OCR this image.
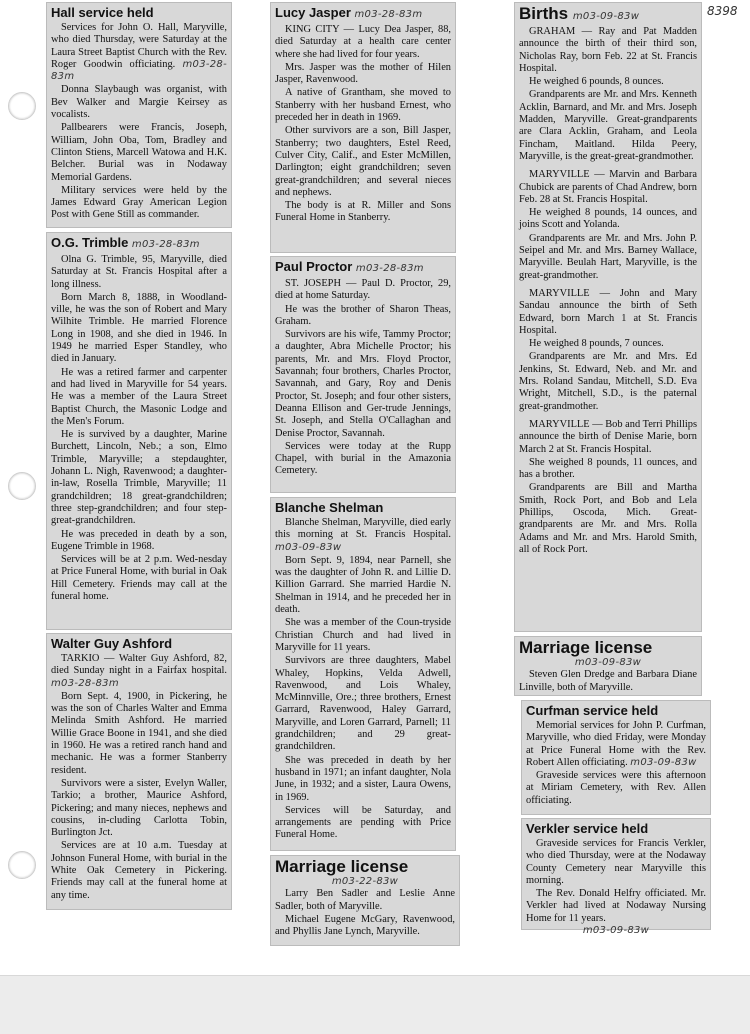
8398
Hall service held

Services for John O. Hall, Maryville, who died Thursday, were Saturday at the Laura Street Baptist Church with the Rev. Roger Goodwin officiating. m03-28-83m

Donna Slaybaugh was organist, with Bev Walker and Margie Keirsey as vocalists.

Pallbearers were Francis, Joseph, William, John Oba, Tom, Bradley and Clinton Stiens, Marcell Watowa and H.K. Belcher. Burial was in Nodaway Memorial Gardens.

Military services were held by the James Edward Gray American Legion Post with Gene Still as commander.

O.G. Trimble m03-28-83m

Olna G. Trimble, 95, Maryville, died Saturday at St. Francis Hospital after a long illness.

Born March 8, 1888, in Woodland-ville, he was the son of Robert and Mary Wilhite Trimble. He married Florence Long in 1908, and she died in 1946. In 1949 he married Esper Standley, who died in January.

He was a retired farmer and carpenter and had lived in Maryville for 54 years. He was a member of the Laura Street Baptist Church, the Masonic Lodge and the Men's Forum.

He is survived by a daughter, Marine Burchett, Lincoln, Neb.; a son, Elmo Trimble, Maryville; a stepdaughter, Johann L. Nigh, Ravenwood; a daughter-in-law, Rosella Trimble, Maryville; 11 grandchildren; 18 great-grandchildren; three step-grandchildren; and four step-great-grandchildren.

He was preceded in death by a son, Eugene Trimble in 1968.

Services will be at 2 p.m. Wed-nesday at Price Funeral Home, with burial in Oak Hill Cemetery. Friends may call at the funeral home.

Walter Guy Ashford

TARKIO — Walter Guy Ashford, 82, died Sunday night in a Fairfax hospital. m03-28-83m

Born Sept. 4, 1900, in Pickering, he was the son of Charles Walter and Emma Melinda Smith Ashford. He married Willie Grace Boone in 1941, and she died in 1960. He was a retired ranch hand and mechanic. He was a former Stanberry resident.

Survivors were a sister, Evelyn Waller, Tarkio; a brother, Maurice Ashford, Pickering; and many nieces, nephews and cousins, in-cluding Carlotta Tobin, Burlington Jct.

Services are at 10 a.m. Tuesday at Johnson Funeral Home, with burial in the White Oak Cemetery in Pickering. Friends may call at the funeral home at any time.

Lucy Jasper m03-28-83m

KING CITY — Lucy Dea Jasper, 88, died Saturday at a health care center where she had lived for four years.

Mrs. Jasper was the mother of Hilen Jasper, Ravenwood.

A native of Grantham, she moved to Stanberry with her husband Ernest, who preceded her in death in 1969.

Other survivors are a son, Bill Jasper, Stanberry; two daughters, Estel Reed, Culver City, Calif., and Ester McMillen, Darlington; eight grandchildren; seven great-grandchildren; and several nieces and nephews.

The body is at R. Miller and Sons Funeral Home in Stanberry.

Paul Proctor m03-28-83m

ST. JOSEPH — Paul D. Proctor, 29, died at home Saturday.

He was the brother of Sharon Theas, Graham.

Survivors are his wife, Tammy Proctor; a daughter, Abra Michelle Proctor; his parents, Mr. and Mrs. Floyd Proctor, Savannah; four brothers, Charles Proctor, Savannah, and Gary, Roy and Denis Proctor, St. Joseph; and four other sisters, Deanna Ellison and Ger-trude Jennings, St. Joseph, and Stella O'Callaghan and Denise Proctor, Savannah.

Services were today at the Rupp Chapel, with burial in the Amazonia Cemetery.

Blanche Shelman

Blanche Shelman, Maryville, died early this morning at St. Francis Hospital. m03-09-83w

Born Sept. 9, 1894, near Parnell, she was the daughter of John R. and Lillie D. Killion Garrard. She married Hardie N. Shelman in 1914, and he preceded her in death.

She was a member of the Coun-tryside Christian Church and had lived in Maryville for 11 years.

Survivors are three daughters, Mabel Whaley, Hopkins, Velda Adwell, Ravenwood, and Lois Whaley, McMinnville, Ore.; three brothers, Ernest Garrard, Ravenwood, Haley Garrard, Maryville, and Loren Garrard, Parnell; 11 grandchildren; and 29 great-grandchildren.

She was preceded in death by her husband in 1971; an infant daughter, Nola June, in 1932; and a sister, Laura Owens, in 1969.

Services will be Saturday, and arrangements are pending with Price Funeral Home.

Marriage license
m03-22-83w

Larry Ben Sadler and Leslie Anne Sadler, both of Maryville.

Michael Eugene McGary, Ravenwood, and Phyllis Jane Lynch, Maryville.

Births m03-09-83w

GRAHAM — Ray and Pat Madden announce the birth of their third son, Nicholas Ray, born Feb. 22 at St. Francis Hospital.

He weighed 6 pounds, 8 ounces.

Grandparents are Mr. and Mrs. Kenneth Acklin, Barnard, and Mr. and Mrs. Joseph Madden, Maryville. Great-grandparents are Clara Acklin, Graham, and Leola Fincham, Maitland. Hilda Peery, Maryville, is the great-great-grandmother.

MARYVILLE — Marvin and Barbara Chubick are parents of Chad Andrew, born Feb. 28 at St. Francis Hospital.

He weighed 8 pounds, 14 ounces, and joins Scott and Yolanda.

Grandparents are Mr. and Mrs. John P. Seipel and Mr. and Mrs. Barney Wallace, Maryville. Beulah Hart, Maryville, is the great-grandmother.

MARYVILLE — John and Mary Sandau announce the birth of Seth Edward, born March 1 at St. Francis Hospital.

He weighed 8 pounds, 7 ounces.

Grandparents are Mr. and Mrs. Ed Jenkins, St. Edward, Neb. and Mr. and Mrs. Roland Sandau, Mitchell, S.D. Eva Wright, Mitchell, S.D., is the paternal great-grandmother.

MARYVILLE — Bob and Terri Phillips announce the birth of Denise Marie, born March 2 at St. Francis Hospital.

She weighed 8 pounds, 11 ounces, and has a brother.

Grandparents are Bill and Martha Smith, Rock Port, and Bob and Lela Phillips, Oscoda, Mich. Great-grandparents are Mr. and Mrs. Rolla Adams and Mr. and Mrs. Harold Smith, all of Rock Port.

Marriage license
m03-09-83w

Steven Glen Dredge and Barbara Diane Linville, both of Maryville.

Curfman service held

Memorial services for John P. Curfman, Maryville, who died Friday, were Monday at Price Funeral Home with the Rev. Robert Allen officiating. m03-09-83w

Graveside services were this afternoon at Miriam Cemetery, with Rev. Allen officiating.

Verkler service held

Graveside services for Francis Verkler, who died Thursday, were at the Nodaway County Cemetery near Maryville this morning.

The Rev. Donald Helfry officiated. Mr. Verkler had lived at Nodaway Nursing Home for 11 years.

m03-09-83w
